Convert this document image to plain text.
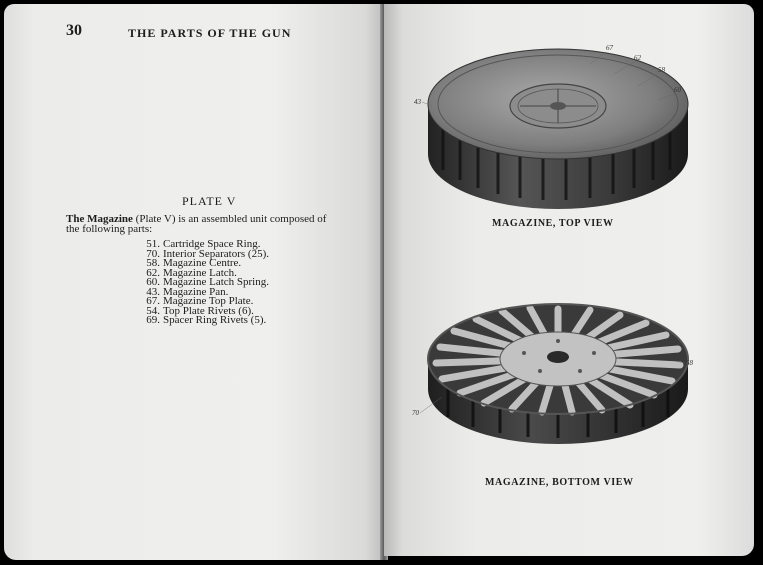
30	THE PARTS OF THE GUN
PLATE V
The Magazine (Plate V) is an assembled unit composed of
the following parts:
51. Cartridge Space Ring.
70. Interior Separators (25).
58. Magazine Centre.
62. Magazine Latch.
60. Magazine Latch Spring.
43. Magazine Pan.
67. Magazine Top Plate.
54. Top Plate Rivets (6).
69. Spacer Ring Rivets (5).
67
62
58
60
43
MAGAZINE, TOP VIEW
58
70
MAGAZINE, BOTTOM VIEW
